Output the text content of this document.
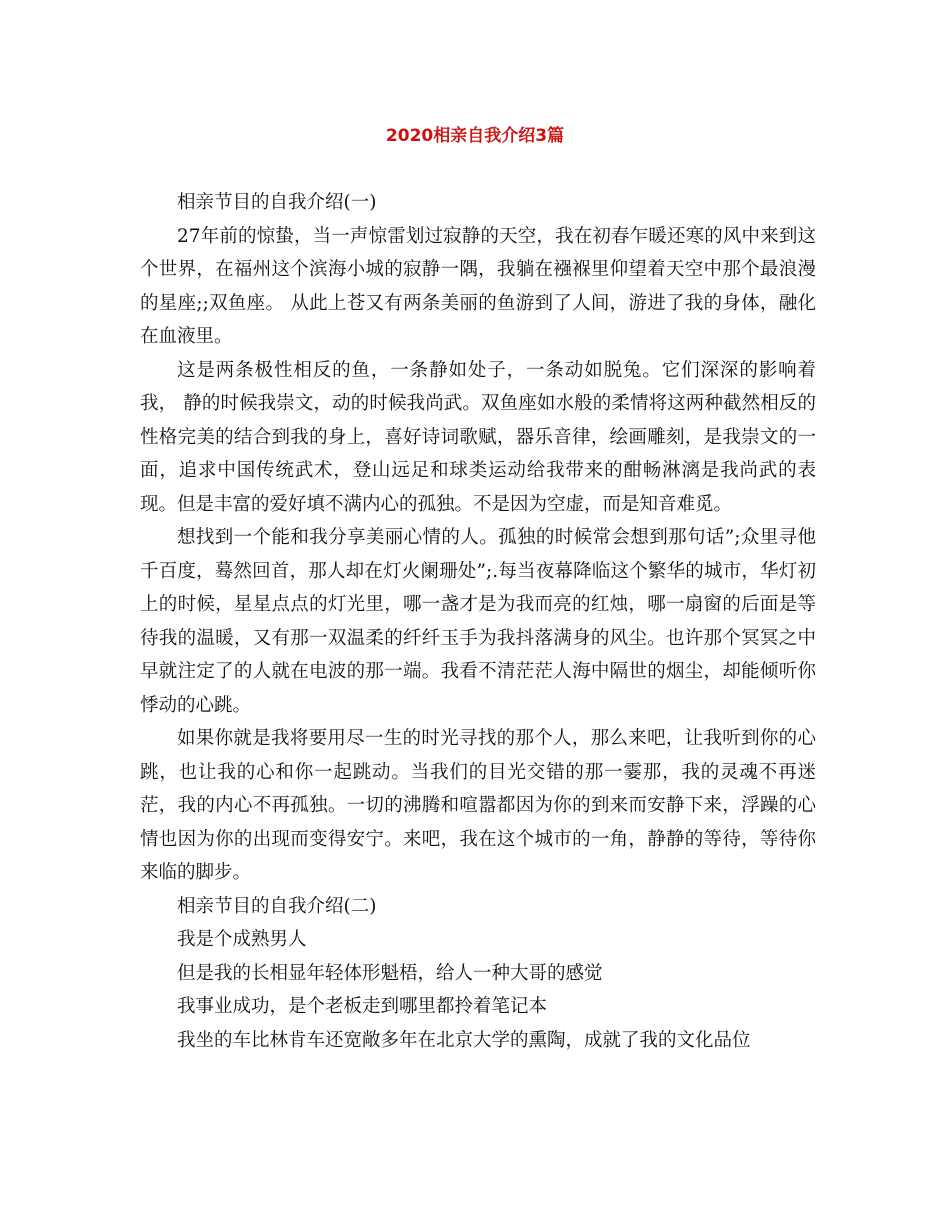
2020相亲自我介绍3篇

相亲节目的自我介绍(一)

27年前的惊蛰，当一声惊雷划过寂静的天空，我在初春乍暖还寒的风中来到这个世界，在福州这个滨海小城的寂静一隅，我躺在襁褓里仰望着天空中那个最浪漫的星座;;双鱼座。 从此上苍又有两条美丽的鱼游到了人间，游进了我的身体，融化在血液里。

这是两条极性相反的鱼，一条静如处子，一条动如脱兔。它们深深的影响着我， 静的时候我崇文，动的时候我尚武。双鱼座如水般的柔情将这两种截然相反的性格完美的结合到我的身上，喜好诗词歌赋，器乐音律，绘画雕刻，是我崇文的一面，追求中国传统武术，登山远足和球类运动给我带来的酣畅淋漓是我尚武的表现。但是丰富的爱好填不满内心的孤独。不是因为空虚，而是知音难觅。

想找到一个能和我分享美丽心情的人。孤独的时候常会想到那句话”;众里寻他千百度，蓦然回首，那人却在灯火阑珊处”;.每当夜幕降临这个繁华的城市，华灯初上的时候，星星点点的灯光里，哪一盏才是为我而亮的红烛，哪一扇窗的后面是等待我的温暖，又有那一双温柔的纤纤玉手为我抖落满身的风尘。也许那个冥冥之中早就注定了的人就在电波的那一端。我看不清茫茫人海中隔世的烟尘，却能倾听你悸动的心跳。

如果你就是我将要用尽一生的时光寻找的那个人，那么来吧，让我听到你的心跳，也让我的心和你一起跳动。当我们的目光交错的那一霎那，我的灵魂不再迷茫，我的内心不再孤独。一切的沸腾和喧嚣都因为你的到来而安静下来，浮躁的心情也因为你的出现而变得安宁。来吧，我在这个城市的一角，静静的等待，等待你来临的脚步。

相亲节目的自我介绍(二)

我是个成熟男人

但是我的长相显年轻体形魁梧，给人一种大哥的感觉

我事业成功，是个老板走到哪里都拎着笔记本

我坐的车比林肯车还宽敞多年在北京大学的熏陶，成就了我的文化品位
